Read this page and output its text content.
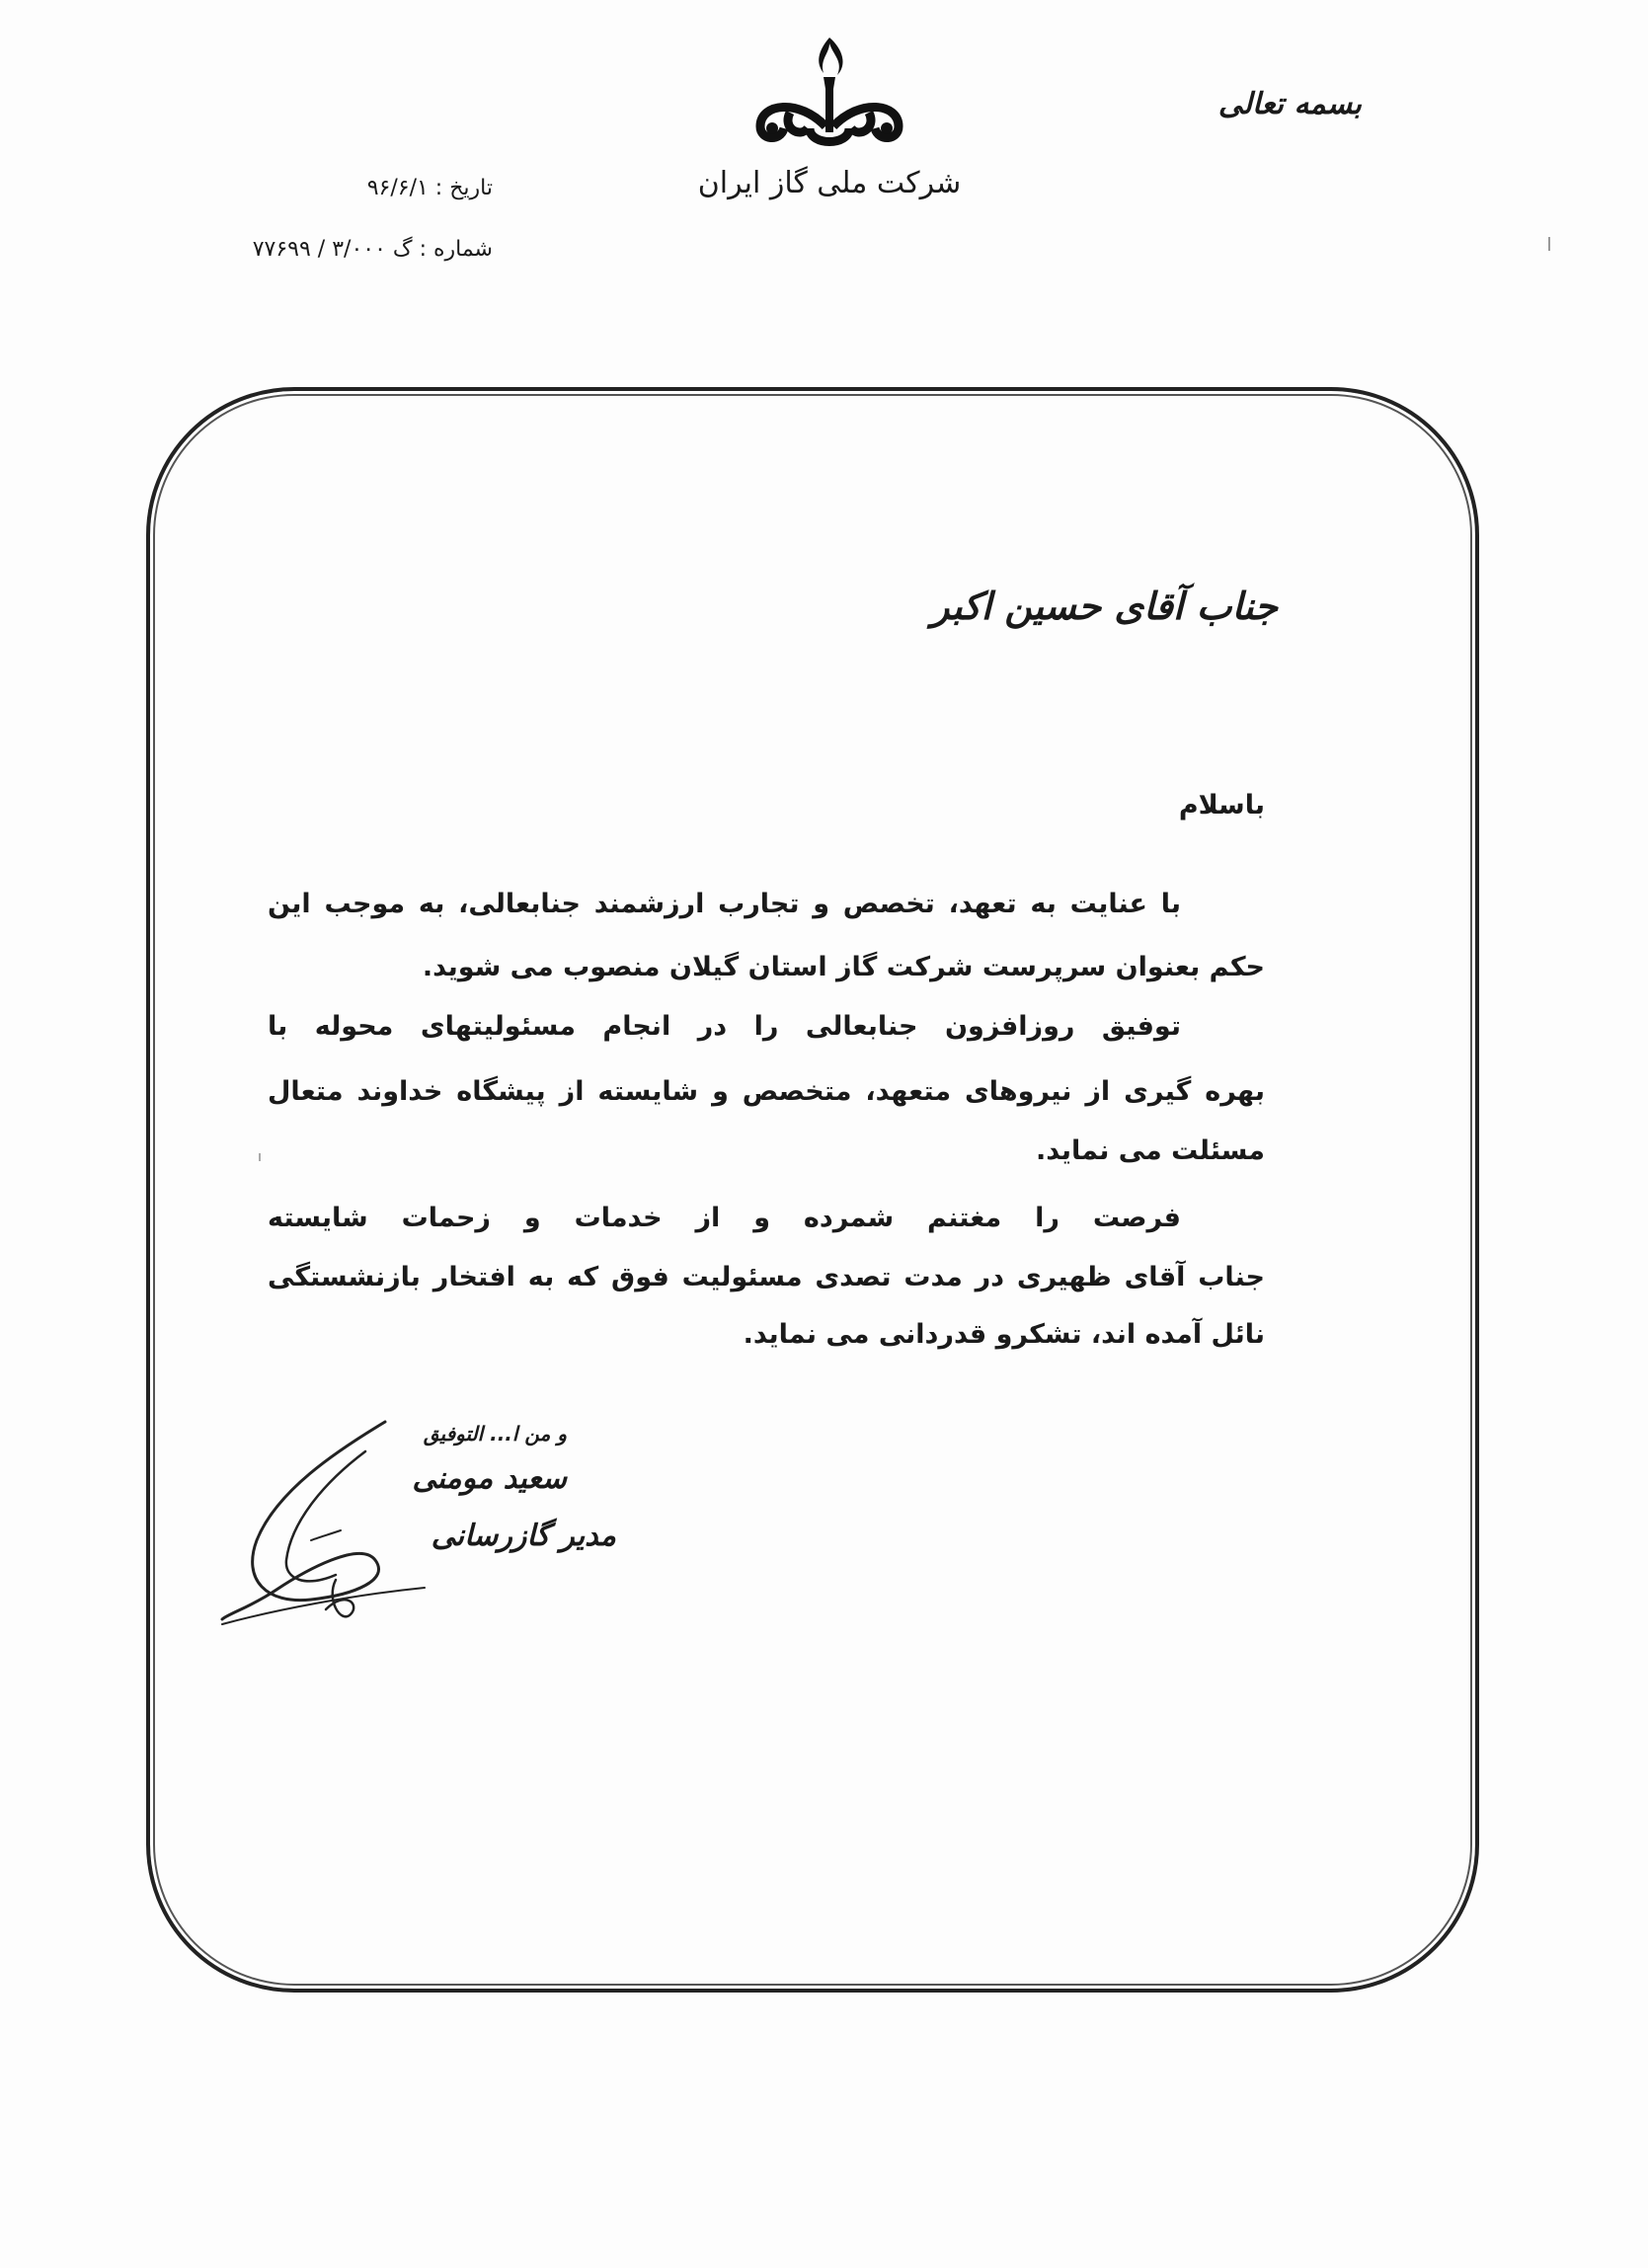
بسمه تعالی
شرکت ملی گاز ایران
تاریخ : ۹۶/۶/۱
شماره : گ ۳/۰۰۰ / ۷۷۶۹۹
جناب آقای حسین اکبر
باسلام
با عنایت به تعهد، تخصص و تجارب ارزشمند جنابعالی، به موجب این
حکم بعنوان سرپرست شرکت گاز استان گیلان منصوب می شوید.
توفیق روزافزون جنابعالی را در انجام مسئولیتهای محوله با
بهره گیری از نیروهای متعهد، متخصص و شایسته از پیشگاه خداوند متعال
مسئلت می نماید.
فرصت را مغتنم شمرده و از خدمات و زحمات شایسته
جناب آقای ظهیری در مدت تصدی مسئولیت فوق که به افتخار بازنشستگی
نائل آمده اند، تشکرو قدردانی می نماید.
و من ا... التوفیق
سعید مومنی
مدیر گازرسانی
